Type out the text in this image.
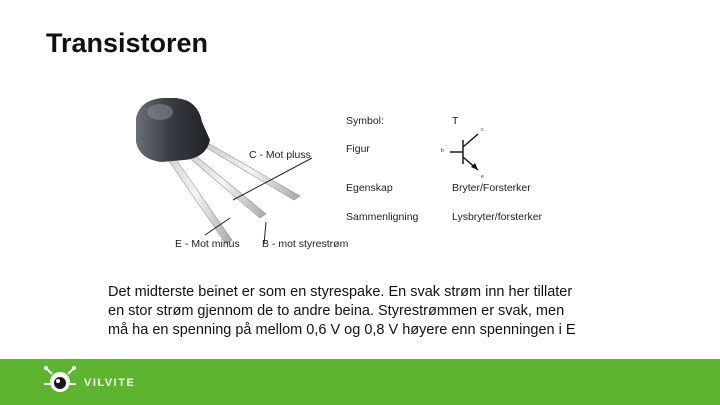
Transistoren
C - Mot pluss
E - Mot minus B - mot styrestrøm
Symbol:	T
Figur
Egenskap	Bryter/Forsterker
Sammenligning	Lysbryter/forsterker
c
b
e
Det midterste beinet er som en styrespake. En svak strøm inn her tillater
en stor strøm gjennom de to andre beina. Styrestrømmen er svak, men
må ha en spenning på mellom 0,6 V og 0,8 V høyere enn spenningen i E
VILVITE
